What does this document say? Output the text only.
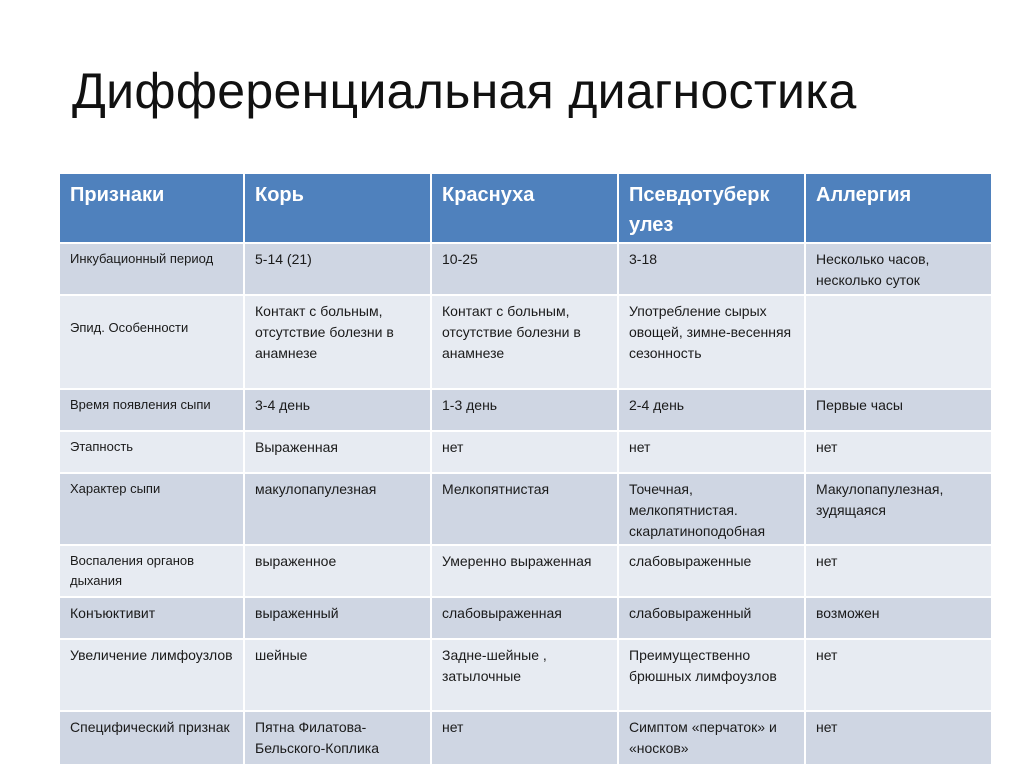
Дифференциальная диагностика
Признаки	Корь	Краснуха	Псевдотуберк улез	Аллергия
Инкубационный период	5-14 (21)	10-25	3-18	Несколько часов, несколько суток
Эпид. Особенности	Контакт с больным, отсутствие болезни в анамнезе	Контакт с больным, отсутствие болезни в анамнезе	Употребление сырых овощей, зимне-весенняя сезонность	
Время появления сыпи	3-4 день	1-3 день	2-4 день	Первые часы
Этапность	Выраженная	нет	нет	нет
Характер сыпи	макулопапулезная	Мелкопятнистая	Точечная, мелкопятнистая. скарлатиноподобная	Макулопапулезная, зудящаяся
Воспаления органов дыхания	выраженное	Умеренно выраженная	слабовыраженные	нет
Конъюктивит	выраженный	слабовыраженная	слабовыраженный	возможен
Увеличение лимфоузлов	шейные	Задне-шейные , затылочные	Преимущественно брюшных лимфоузлов	нет
Специфический признак	Пятна Филатова-Бельского-Коплика	нет	Симптом «перчаток» и «носков»	нет
